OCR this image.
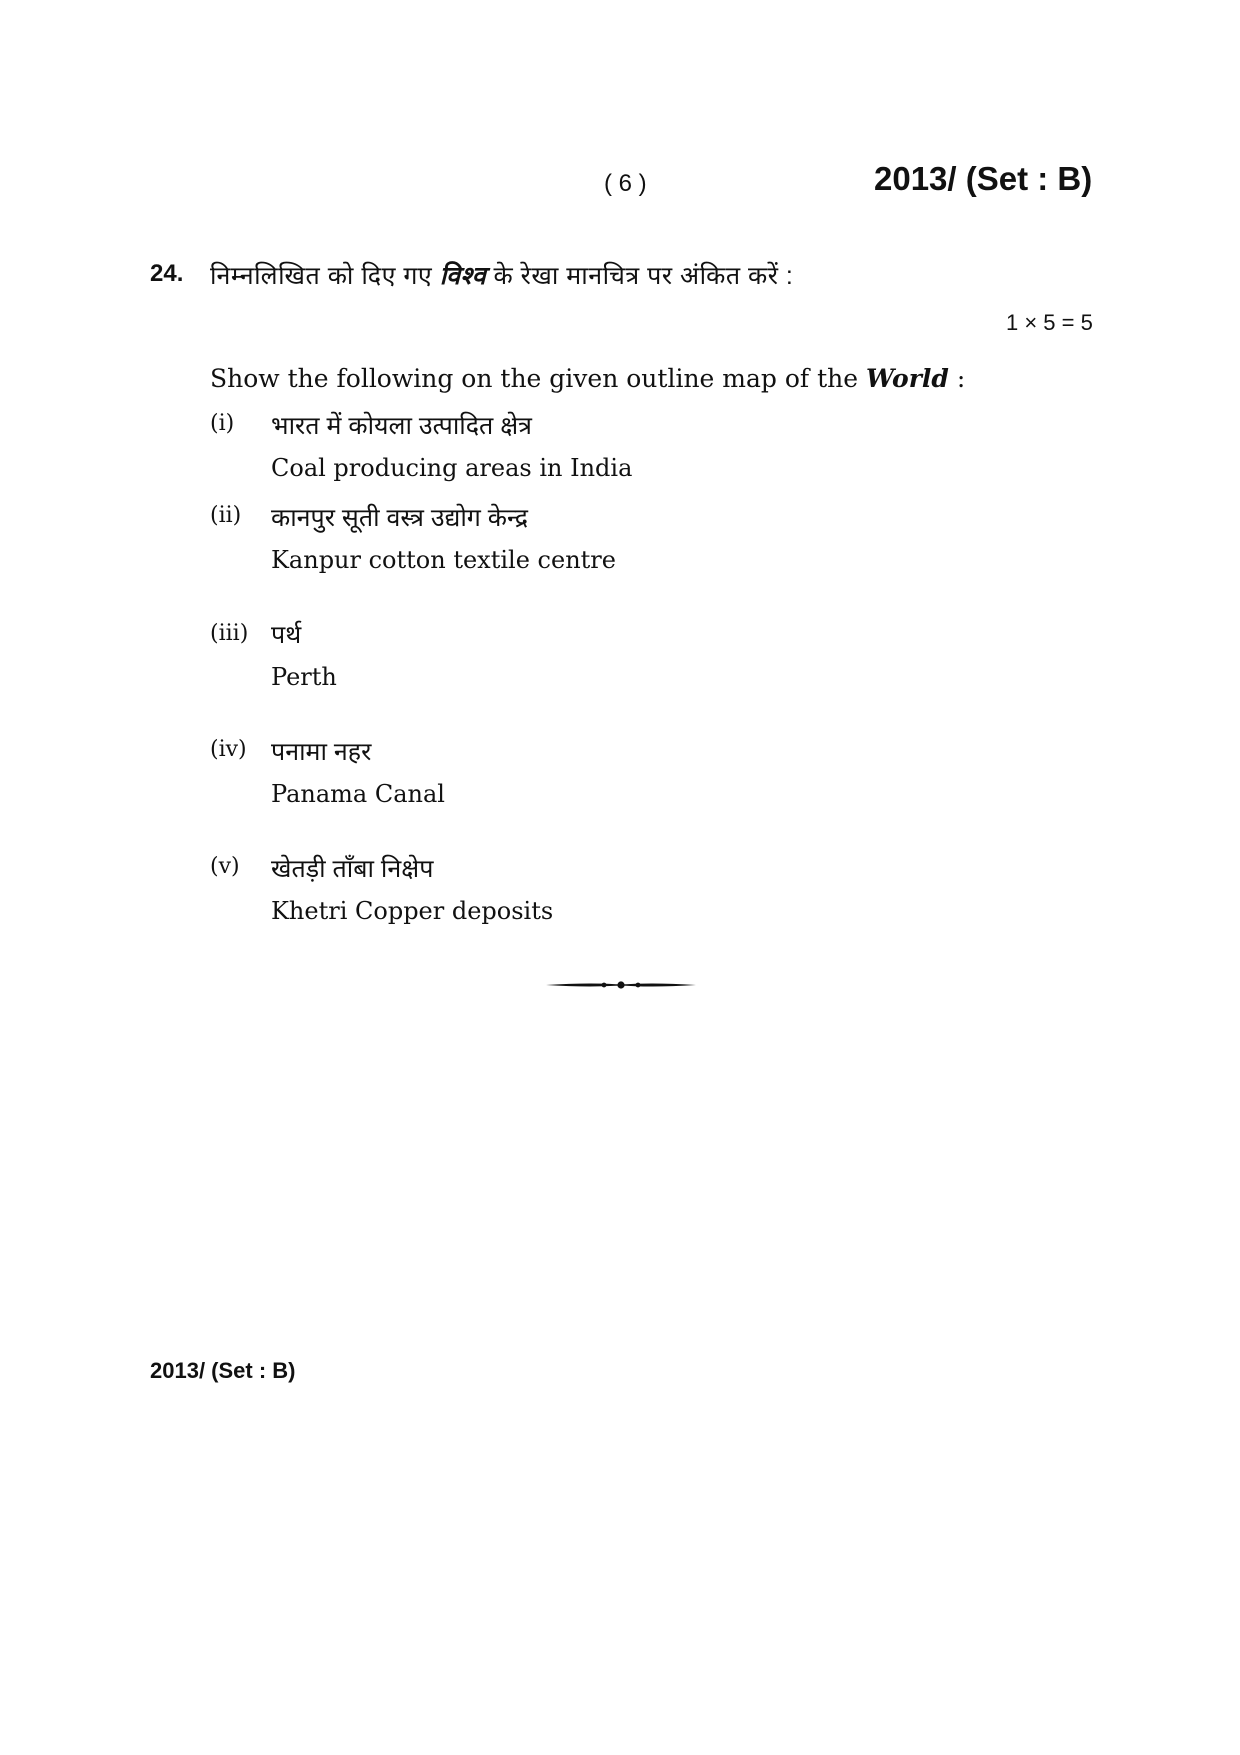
( 6 )	2013/ (Set : B)
24. निम्नलिखित को दिए गए विश्व के रेखा मानचित्र पर अंकित करें :
1 × 5 = 5
Show the following on the given outline map of the World :
(i) भारत में कोयला उत्पादित क्षेत्र
Coal producing areas in India
(ii) कानपुर सूती वस्त्र उद्योग केन्द्र
Kanpur cotton textile centre
(iii) पर्थ
Perth
(iv) पनामा नहर
Panama Canal
(v) खेतड़ी ताँबा निक्षेप
Khetri Copper deposits
2013/ (Set : B)
